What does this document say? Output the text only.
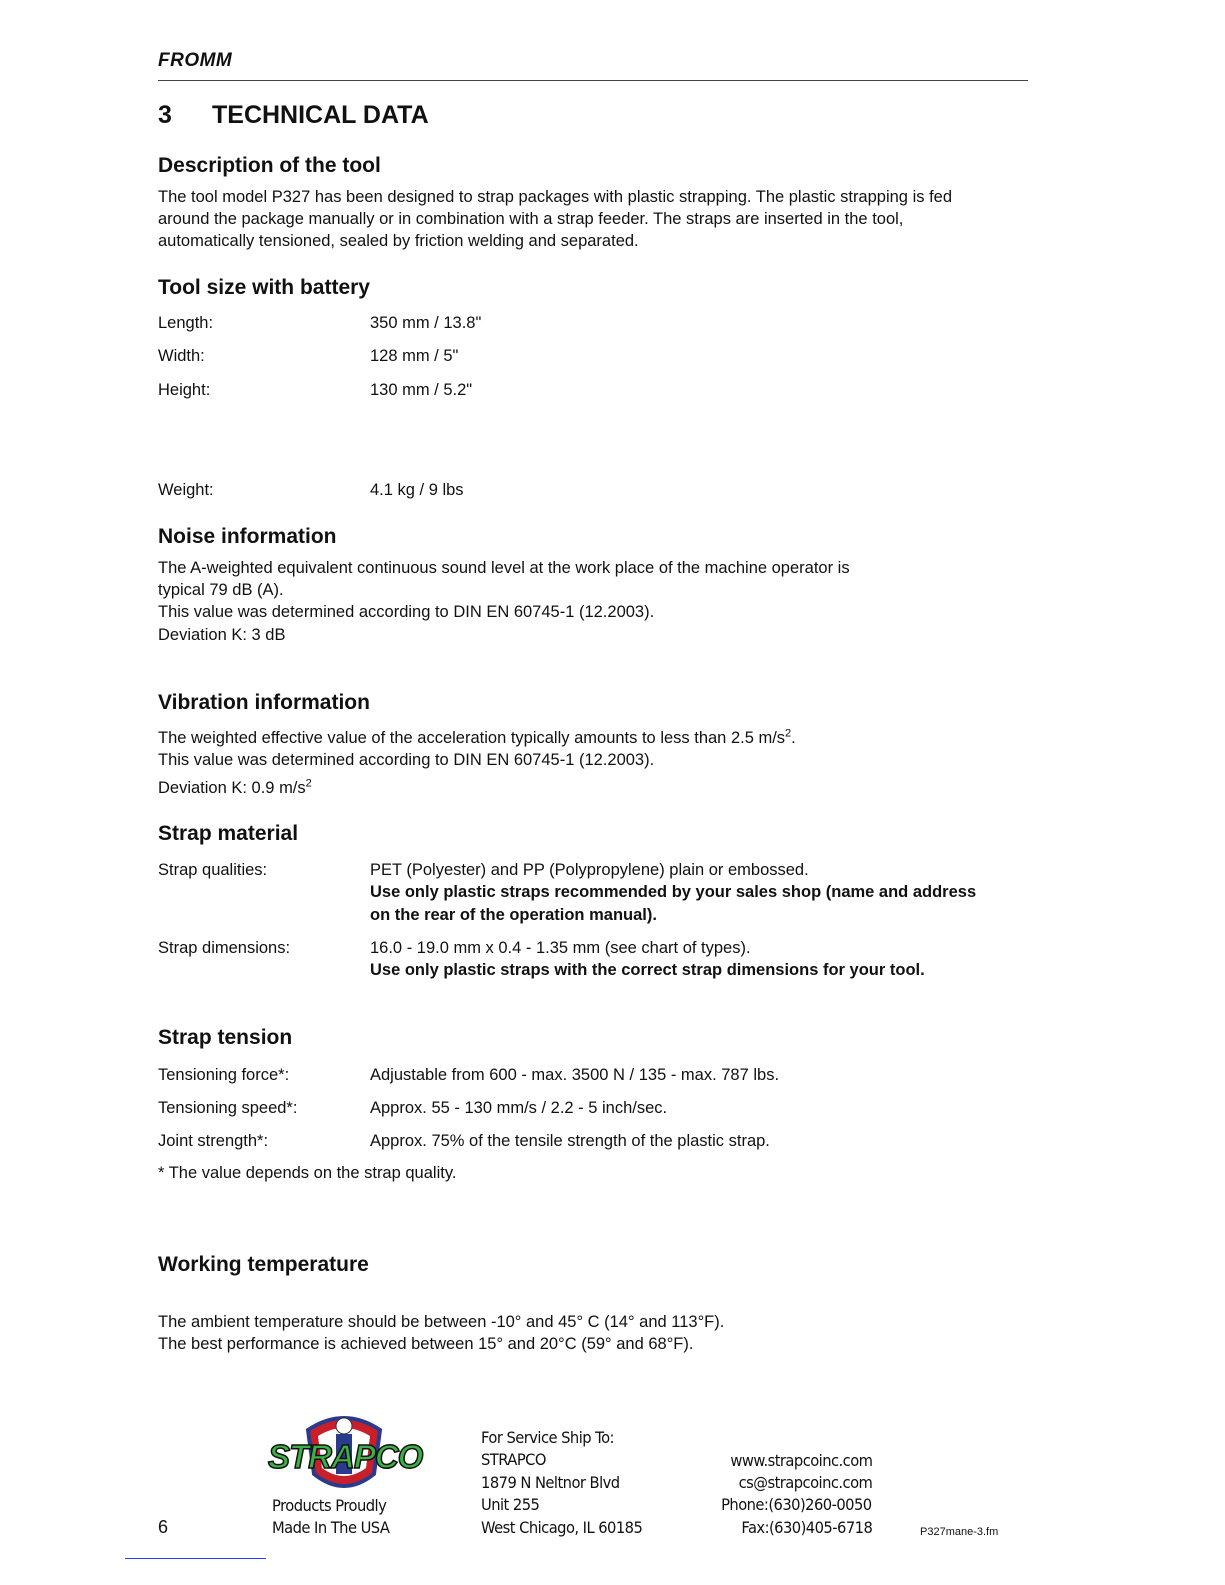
FROMM
3 TECHNICAL DATA
Description of the tool
The tool model P327 has been designed to strap packages with plastic strapping. The plastic strapping is fed
around the package manually or in combination with a strap feeder. The straps are inserted in the tool,
automatically tensioned, sealed by friction welding and separated.
Tool size with battery
Length:	350 mm / 13.8"
Width:	128 mm / 5"
Height:	130 mm / 5.2"
Weight:	4.1 kg / 9 lbs
Noise information
The A-weighted equivalent continuous sound level at the work place of the machine operator is
typical 79 dB (A).
This value was determined according to DIN EN 60745-1 (12.2003).
Deviation K: 3 dB
Vibration information
The weighted effective value of the acceleration typically amounts to less than 2.5 $m/s^2$.
This value was determined according to DIN EN 60745-1 (12.2003).
Deviation K: 0.9 $m/s^2$
Strap material
Strap qualities:	PET (Polyester) and PP (Polypropylene) plain or embossed.
Use only plastic straps recommended by your sales shop (name and address
on the rear of the operation manual).
Strap dimensions:	16.0 - 19.0 mm x 0.4 - 1.35 mm (see chart of types).
Use only plastic straps with the correct strap dimensions for your tool.
Strap tension
Tensioning force*:	Adjustable from 600 - max. 3500 N / 135 - max. 787 lbs.
Tensioning speed*:	Approx. 55 - 130 mm/s / 2.2 - 5 inch/sec.
Joint strength*:	Approx. 75% of the tensile strength of the plastic strap.
* The value depends on the strap quality.
Working temperature
The ambient temperature should be between -10° and 45° C (14° and 113°F).
The best performance is achieved between 15° and 20°C (59° and 68°F).
STRAPCO
Products Proudly
Made In The USA
For Service Ship To:
STRAPCO
1879 N Neltnor Blvd
Unit 255
West Chicago, IL 60185
www.strapcoinc.com
cs@strapcoinc.com
Phone:(630)260-0050
Fax:(630)405-6718
6	P327mane-3.fm
